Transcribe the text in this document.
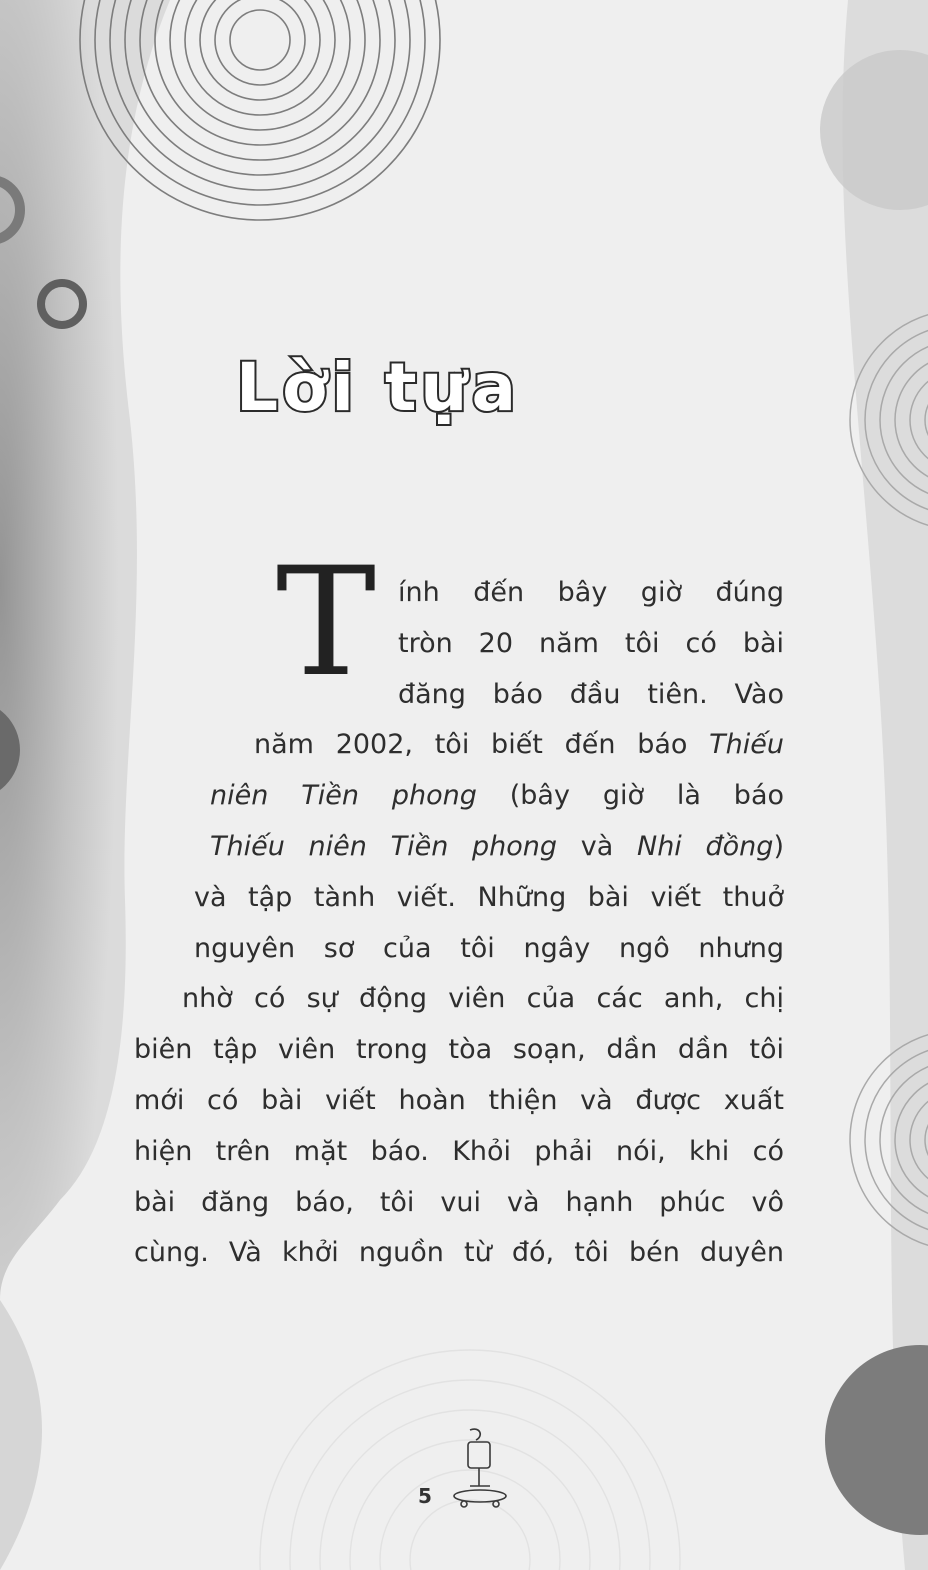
Lời tựa
T ính đến bây giờ đúng
tròn 20 năm tôi có bài
đăng báo đầu tiên. Vào
năm 2002, tôi biết đến báo Thiếu
niên Tiền phong (bây giờ là báo
Thiếu niên Tiền phong và Nhi đồng)
và tập tành viết. Những bài viết thuở
nguyên sơ của tôi ngây ngô nhưng
nhờ có sự động viên của các anh, chị
biên tập viên trong tòa soạn, dần dần tôi
mới có bài viết hoàn thiện và được xuất
hiện trên mặt báo. Khỏi phải nói, khi có
bài đăng báo, tôi vui và hạnh phúc vô
cùng. Và khởi nguồn từ đó, tôi bén duyên
5
